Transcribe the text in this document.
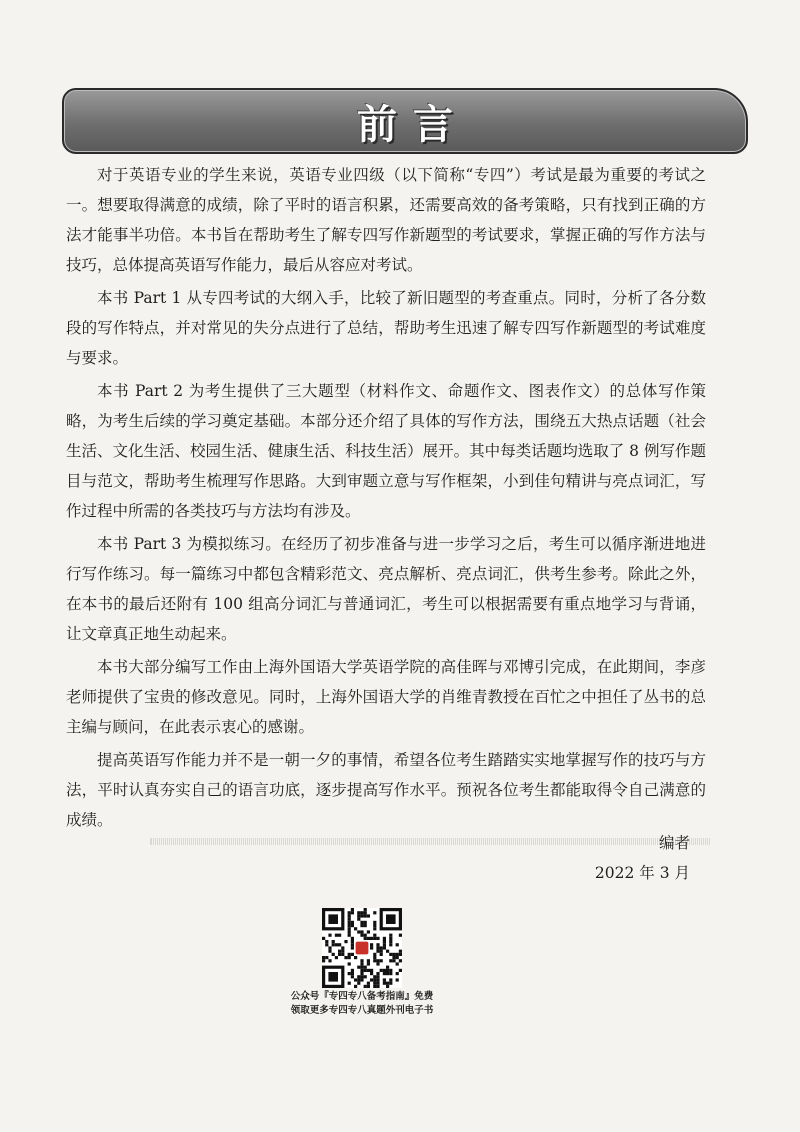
前言

对于英语专业的学生来说，英语专业四级（以下简称“专四”）考试是最为重要的考试之一。想要取得满意的成绩，除了平时的语言积累，还需要高效的备考策略，只有找到正确的方法才能事半功倍。本书旨在帮助考生了解专四写作新题型的考试要求，掌握正确的写作方法与技巧，总体提高英语写作能力，最后从容应对考试。

本书 Part 1 从专四考试的大纲入手，比较了新旧题型的考查重点。同时，分析了各分数段的写作特点，并对常见的失分点进行了总结，帮助考生迅速了解专四写作新题型的考试难度与要求。

本书 Part 2 为考生提供了三大题型（材料作文、命题作文、图表作文）的总体写作策略，为考生后续的学习奠定基础。本部分还介绍了具体的写作方法，围绕五大热点话题（社会生活、文化生活、校园生活、健康生活、科技生活）展开。其中每类话题均选取了 8 例写作题目与范文，帮助考生梳理写作思路。大到审题立意与写作框架，小到佳句精讲与亮点词汇，写作过程中所需的各类技巧与方法均有涉及。

本书 Part 3 为模拟练习。在经历了初步准备与进一步学习之后，考生可以循序渐进地进行写作练习。每一篇练习中都包含精彩范文、亮点解析、亮点词汇，供考生参考。除此之外，在本书的最后还附有 100 组高分词汇与普通词汇，考生可以根据需要有重点地学习与背诵，让文章真正地生动起来。

本书大部分编写工作由上海外国语大学英语学院的高佳晖与邓博引完成，在此期间，李彦老师提供了宝贵的修改意见。同时，上海外国语大学的肖维青教授在百忙之中担任了丛书的总主编与顾问，在此表示衷心的感谢。

提高英语写作能力并不是一朝一夕的事情，希望各位考生踏踏实实地掌握写作的技巧与方法，平时认真夯实自己的语言功底，逐步提高写作水平。预祝各位考生都能取得令自己满意的成绩。

编者
2022 年 3 月
公众号『专四专八备考指南』免费
领取更多专四专八真题外刊电子书
